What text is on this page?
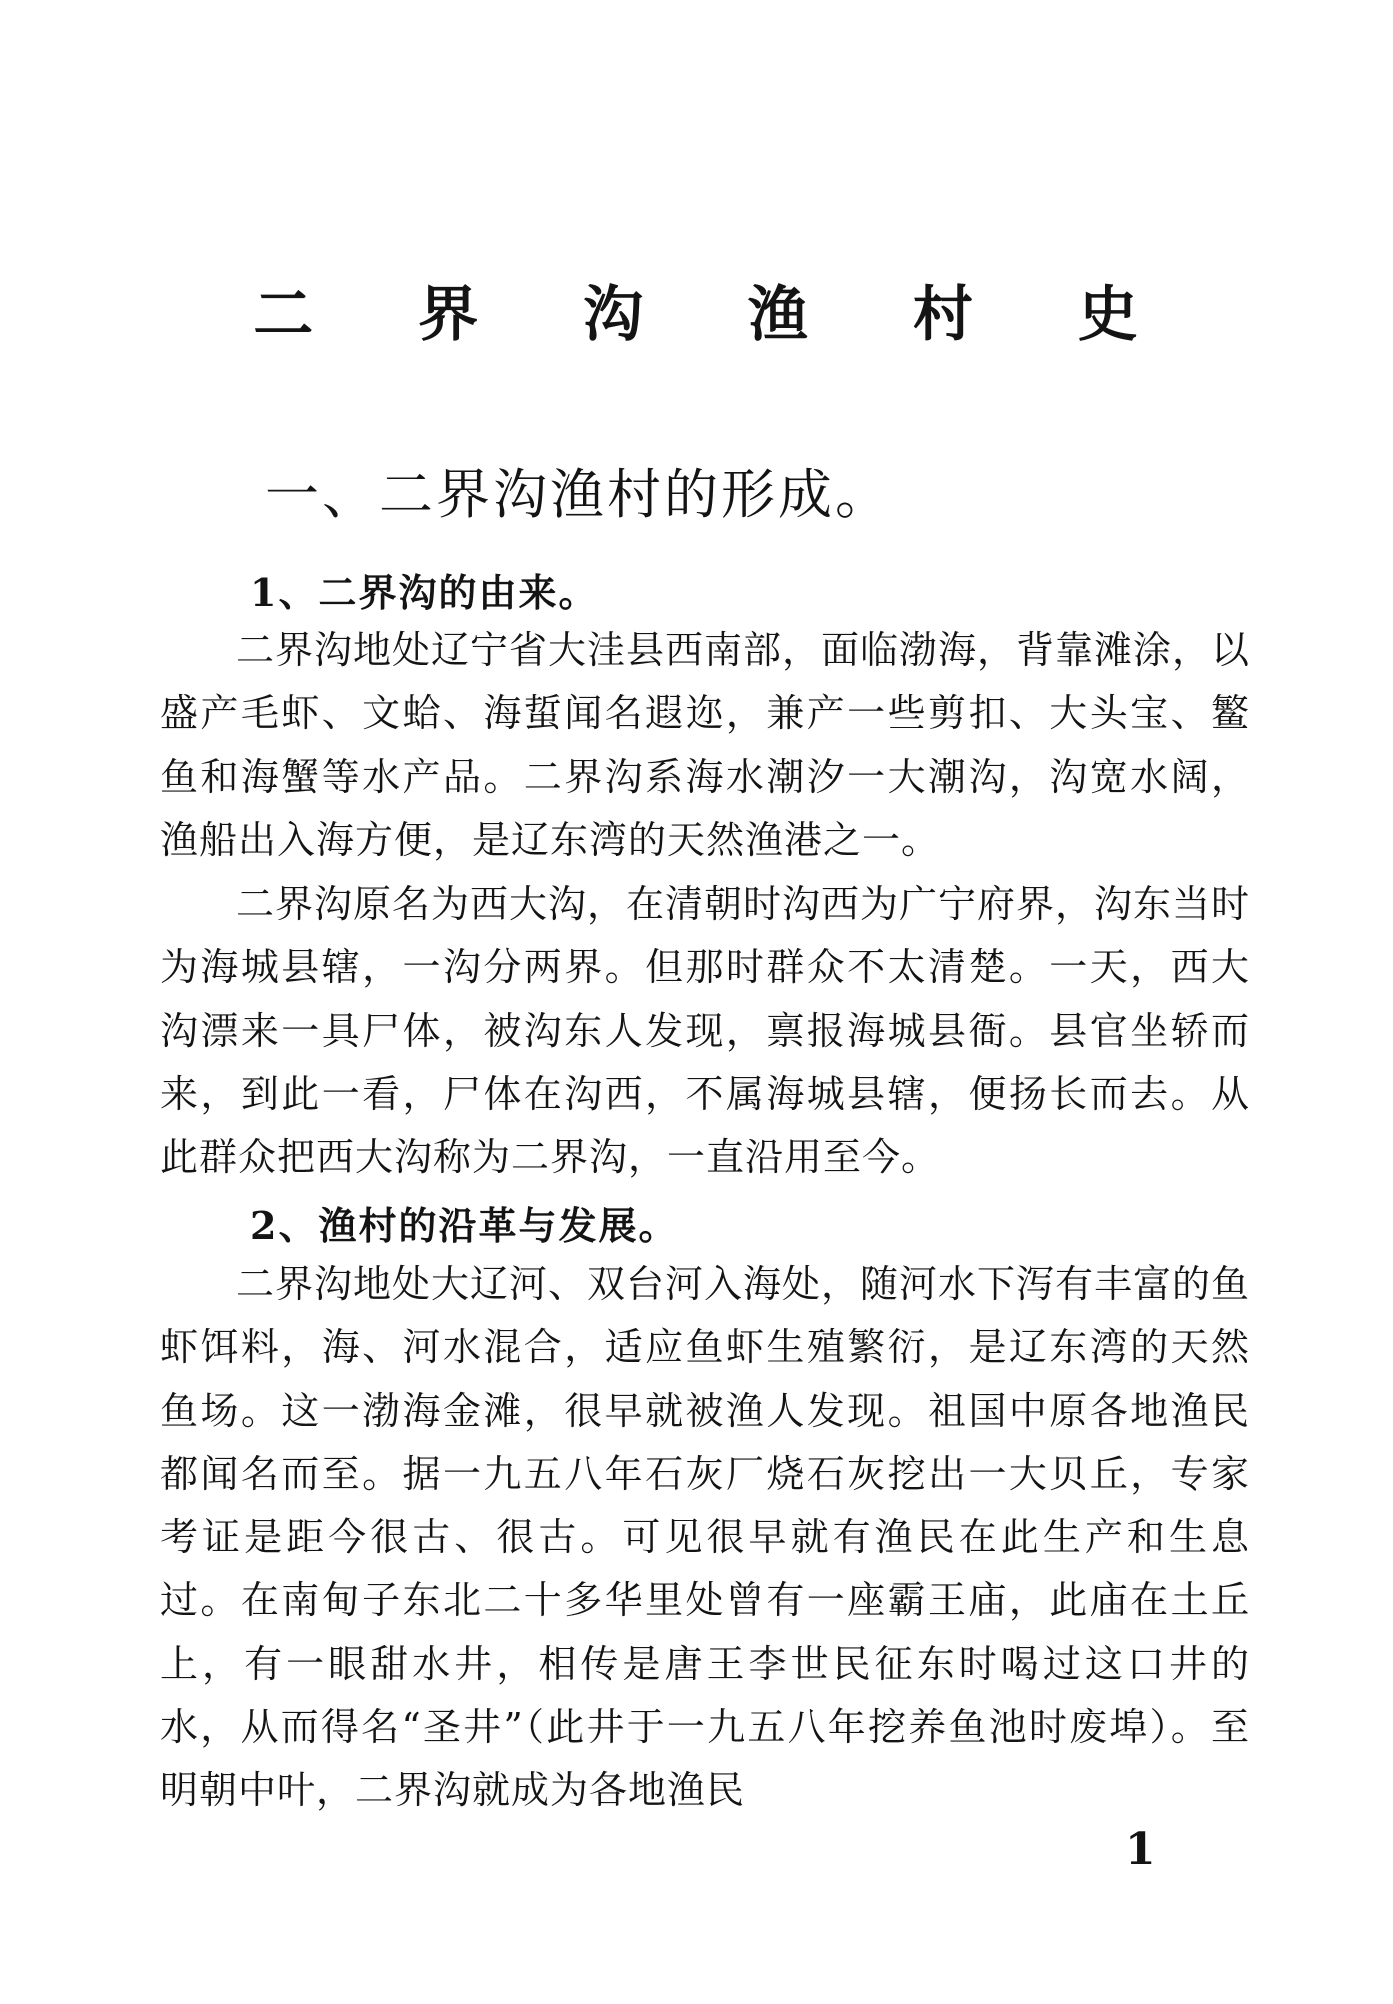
二 界 沟 渔 村 史
一、二界沟渔村的形成。
1、二界沟的由来。

二界沟地处辽宁省大洼县西南部，面临渤海，背靠滩涂，以盛产毛虾、文蛤、海蜇闻名遐迩，兼产一些剪扣、大头宝、鳘鱼和海蟹等水产品。二界沟系海水潮汐一大潮沟，沟宽水阔，渔船出入海方便，是辽东湾的天然渔港之一。

二界沟原名为西大沟，在清朝时沟西为广宁府界，沟东当时为海城县辖，一沟分两界。但那时群众不太清楚。一天，西大沟漂来一具尸体，被沟东人发现，禀报海城县衙。县官坐轿而来，到此一看，尸体在沟西，不属海城县辖，便扬长而去。从此群众把西大沟称为二界沟，一直沿用至今。

2、渔村的沿革与发展。

二界沟地处大辽河、双台河入海处，随河水下泻有丰富的鱼虾饵料，海、河水混合，适应鱼虾生殖繁衍，是辽东湾的天然鱼场。这一渤海金滩，很早就被渔人发现。祖国中原各地渔民都闻名而至。据一九五八年石灰厂烧石灰挖出一大贝丘，专家考证是距今很古、很古。可见很早就有渔民在此生产和生息过。在南甸子东北二十多华里处曾有一座霸王庙，此庙在土丘上，有一眼甜水井，相传是唐王李世民征东时喝过这口井的水，从而得名“圣井”（此井于一九五八年挖养鱼池时废埠）。至明朝中叶，二界沟就成为各地渔民

1
